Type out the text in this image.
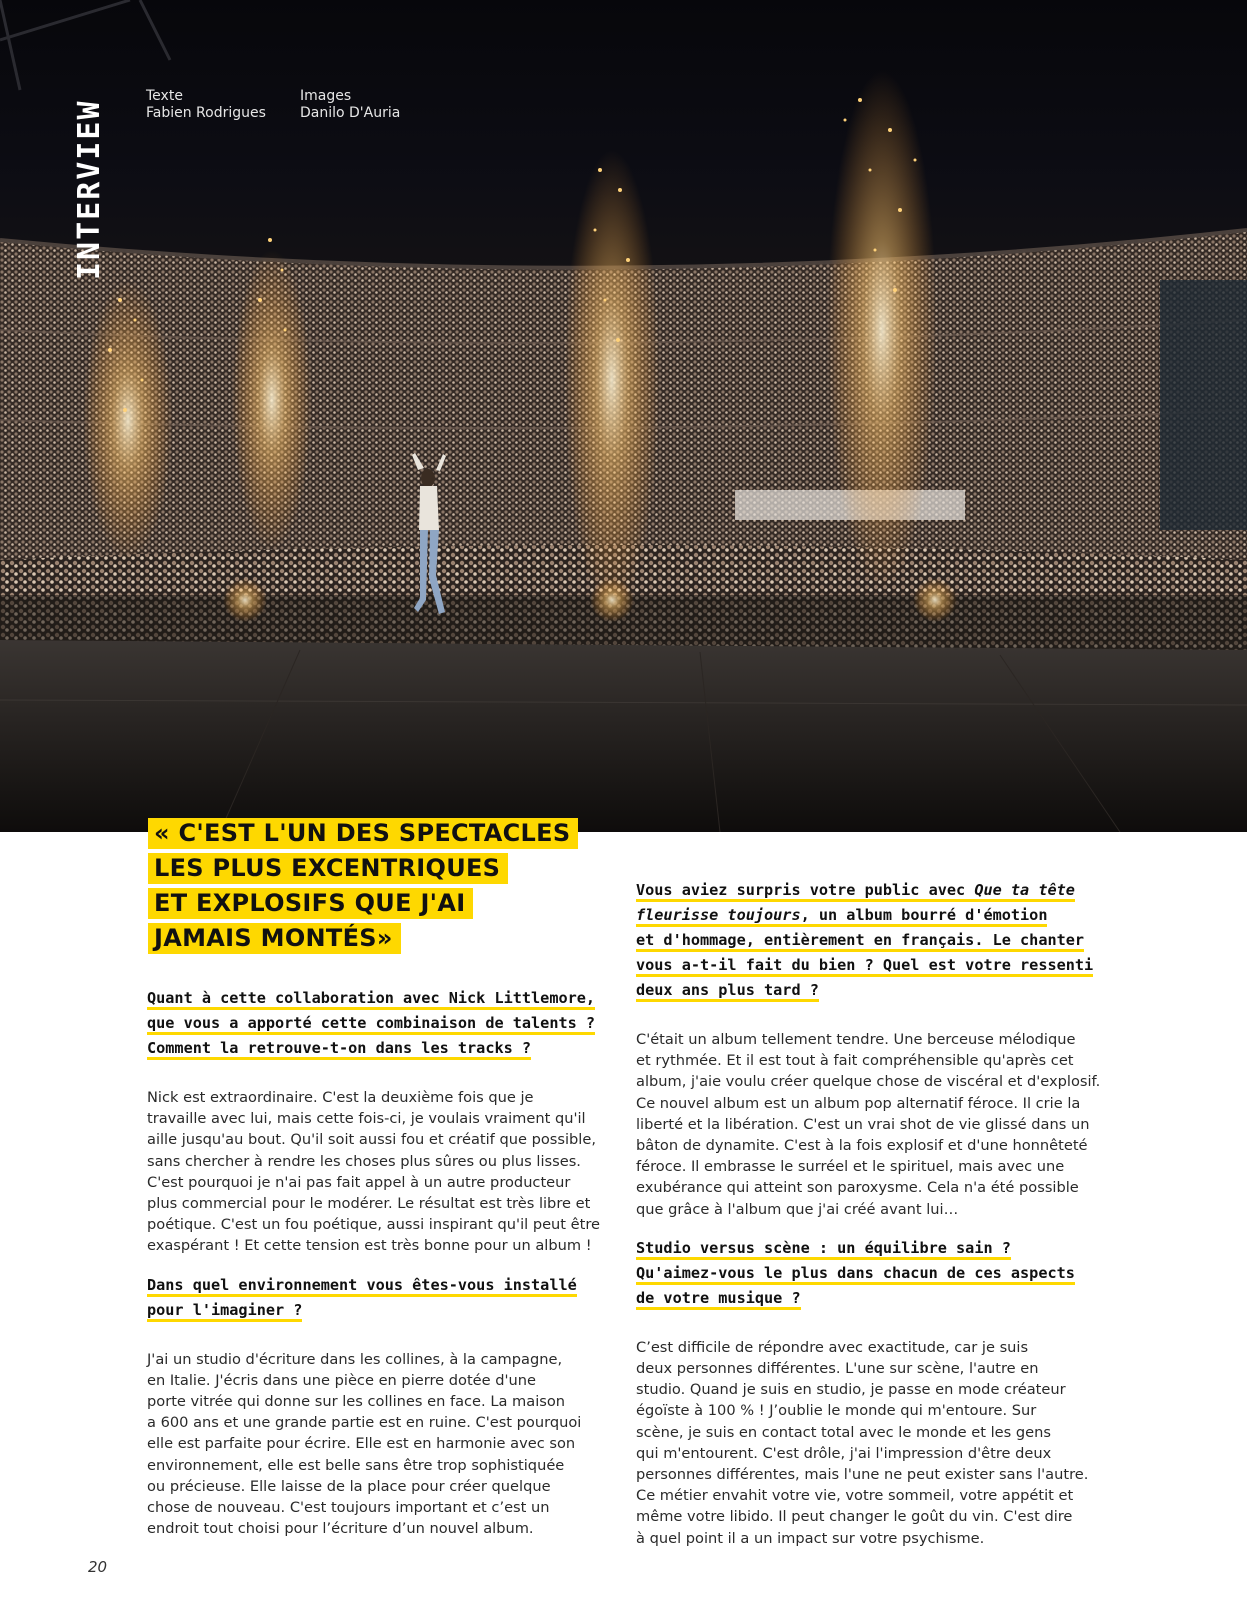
Texte
Fabien Rodrigues
Images
Danilo D'Auria
INTERVIEW
« C'EST L'UN DES SPECTACLES
LES PLUS EXCENTRIQUES
ET EXPLOSIFS QUE J'AI
JAMAIS MONTÉS»
Quant à cette collaboration avec Nick Littlemore,
que vous a apporté cette combinaison de talents ?
Comment la retrouve-t-on dans les tracks ?
Nick est extraordinaire. C'est la deuxième fois que je
travaille avec lui, mais cette fois-ci, je voulais vraiment qu'il
aille jusqu'au bout. Qu'il soit aussi fou et créatif que possible,
sans chercher à rendre les choses plus sûres ou plus lisses.
C'est pourquoi je n'ai pas fait appel à un autre producteur
plus commercial pour le modérer. Le résultat est très libre et
poétique. C'est un fou poétique, aussi inspirant qu'il peut être
exaspérant ! Et cette tension est très bonne pour un album !
Dans quel environnement vous êtes-vous installé
pour l'imaginer ?
J'ai un studio d'écriture dans les collines, à la campagne,
en Italie. J'écris dans une pièce en pierre dotée d'une
porte vitrée qui donne sur les collines en face. La maison
a 600 ans et une grande partie est en ruine. C'est pourquoi
elle est parfaite pour écrire. Elle est en harmonie avec son
environnement, elle est belle sans être trop sophistiquée
ou précieuse. Elle laisse de la place pour créer quelque
chose de nouveau. C'est toujours important et c’est un
endroit tout choisi pour l’écriture d’un nouvel album.
Vous aviez surpris votre public avec Que ta tête
fleurisse toujours, un album bourré d'émotion
et d'hommage, entièrement en français. Le chanter
vous a-t-il fait du bien ? Quel est votre ressenti
deux ans plus tard ?
C'était un album tellement tendre. Une berceuse mélodique
et rythmée. Et il est tout à fait compréhensible qu'après cet
album, j'aie voulu créer quelque chose de viscéral et d'explosif.
Ce nouvel album est un album pop alternatif féroce. Il crie la
liberté et la libération. C'est un vrai shot de vie glissé dans un
bâton de dynamite. C'est à la fois explosif et d'une honnêteté
féroce. Il embrasse le surréel et le spirituel, mais avec une
exubérance qui atteint son paroxysme. Cela n'a été possible
que grâce à l'album que j'ai créé avant lui…
Studio versus scène : un équilibre sain ?
Qu'aimez-vous le plus dans chacun de ces aspects
de votre musique ?
C’est difficile de répondre avec exactitude, car je suis
deux personnes différentes. L'une sur scène, l'autre en
studio. Quand je suis en studio, je passe en mode créateur
égoïste à 100 % ! J’oublie le monde qui m'entoure. Sur
scène, je suis en contact total avec le monde et les gens
qui m'entourent. C'est drôle, j'ai l'impression d'être deux
personnes différentes, mais l'une ne peut exister sans l'autre.
Ce métier envahit votre vie, votre sommeil, votre appétit et
même votre libido. Il peut changer le goût du vin. C'est dire
à quel point il a un impact sur votre psychisme.
20
